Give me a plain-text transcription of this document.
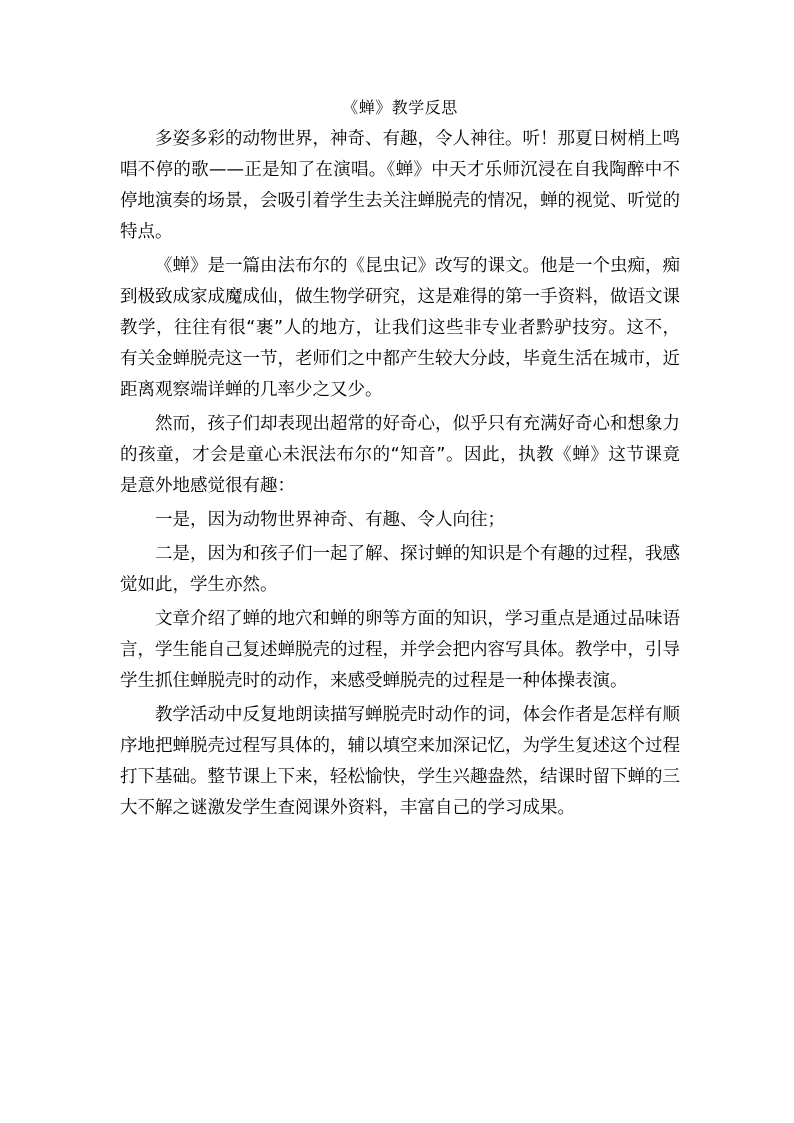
《蝉》教学反思

多姿多彩的动物世界，神奇、有趣，令人神往。听！那夏日树梢上鸣唱不停的歌——正是知了在演唱。《蝉》中天才乐师沉浸在自我陶醉中不停地演奏的场景，会吸引着学生去关注蝉脱壳的情况，蝉的视觉、听觉的特点。

《蝉》是一篇由法布尔的《昆虫记》改写的课文。他是一个虫痴，痴到极致成家成魔成仙，做生物学研究，这是难得的第一手资料，做语文课教学，往往有很“裹”人的地方，让我们这些非专业者黔驴技穷。这不，有关金蝉脱壳这一节，老师们之中都产生较大分歧，毕竟生活在城市，近距离观察端详蝉的几率少之又少。

然而，孩子们却表现出超常的好奇心，似乎只有充满好奇心和想象力的孩童，才会是童心未泯法布尔的“知音”。因此，执教《蝉》这节课竟是意外地感觉很有趣：

一是，因为动物世界神奇、有趣、令人向往；

二是，因为和孩子们一起了解、探讨蝉的知识是个有趣的过程，我感觉如此，学生亦然。

文章介绍了蝉的地穴和蝉的卵等方面的知识，学习重点是通过品味语言，学生能自己复述蝉脱壳的过程，并学会把内容写具体。教学中，引导学生抓住蝉脱壳时的动作，来感受蝉脱壳的过程是一种体操表演。

教学活动中反复地朗读描写蝉脱壳时动作的词，体会作者是怎样有顺序地把蝉脱壳过程写具体的，辅以填空来加深记忆，为学生复述这个过程打下基础。整节课上下来，轻松愉快，学生兴趣盎然，结课时留下蝉的三大不解之谜激发学生查阅课外资料，丰富自己的学习成果。
